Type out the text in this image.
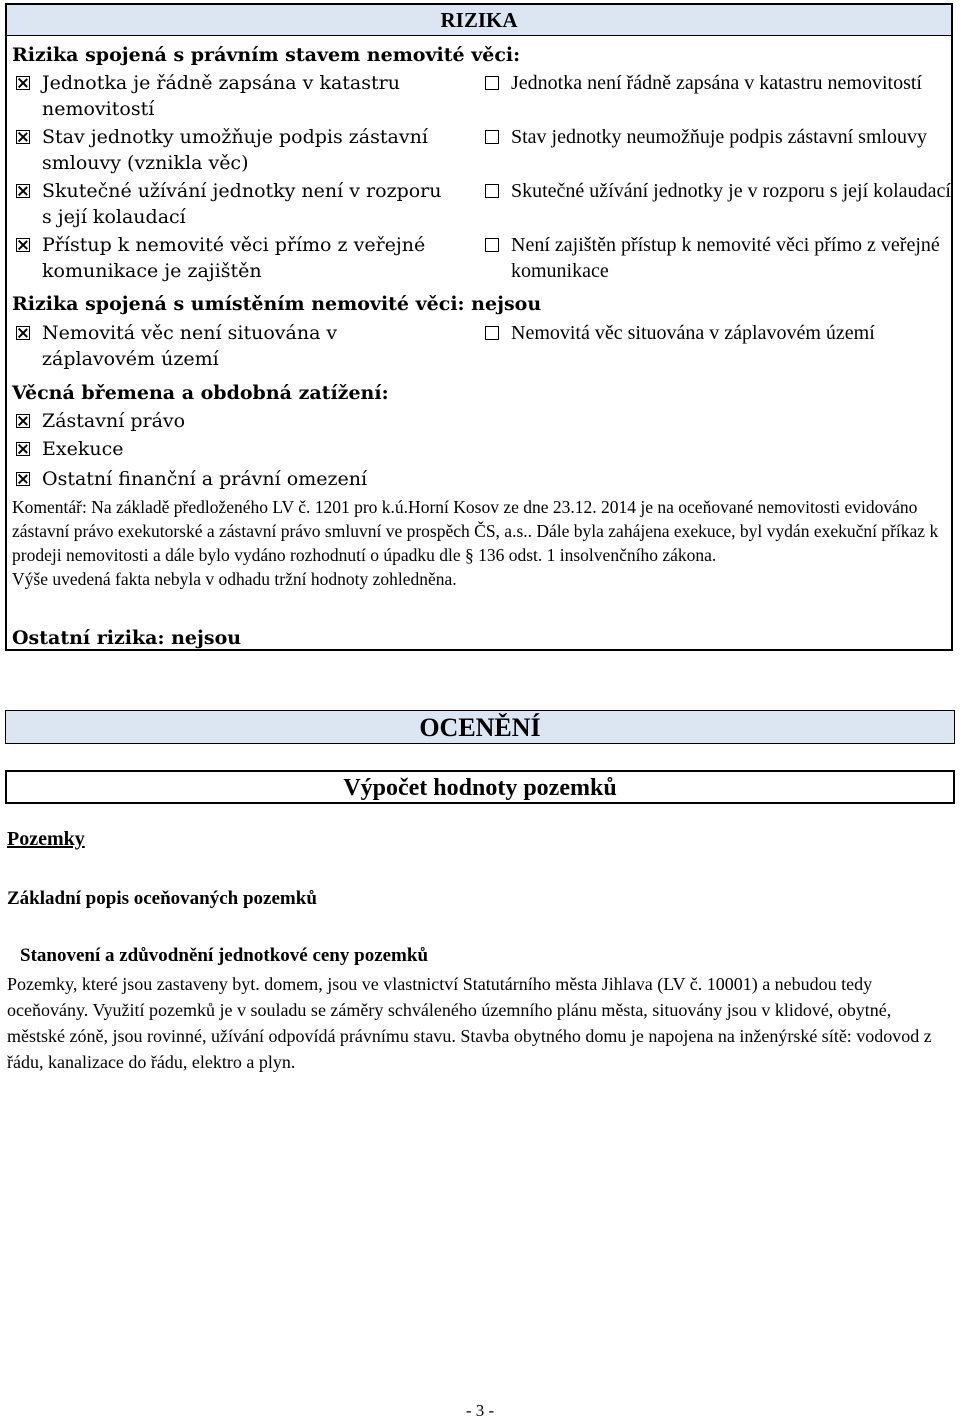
RIZIKA
Rizika spojená s právním stavem nemovité věci:
Jednotka je řádně zapsána v katastru nemovitostí
Jednotka není řádně zapsána v katastru nemovitostí
Stav jednotky umožňuje podpis zástavní smlouvy (vznikla věc)
Stav jednotky neumožňuje podpis zástavní smlouvy
Skutečné užívání jednotky není v rozporu s její kolaudací
Skutečné užívání jednotky je v rozporu s její kolaudací
Přístup k nemovité věci přímo z veřejné komunikace je zajištěn
Není zajištěn přístup k nemovité věci přímo z veřejné komunikace
Rizika spojená s umístěním nemovité věci: nejsou
Nemovitá věc není situována v záplavovém území
Nemovitá věc situována v záplavovém území
Věcná břemena a obdobná zatížení:
Zástavní právo
Exekuce
Ostatní finanční a právní omezení

Komentář: Na základě předloženého LV č. 1201 pro k.ú.Horní Kosov ze dne 23.12. 2014 je na oceňované nemovitosti evidováno zástavní právo exekutorské a zástavní právo smluvní ve prospěch ČS, a.s.. Dále byla zahájena exekuce, byl vydán exekuční příkaz k prodeji nemovitosti a dále bylo vydáno rozhodnutí o úpadku dle § 136 odst. 1 insolvenčního zákona.

Výše uvedená fakta nebyla v odhadu tržní hodnoty zohledněna.

Ostatní rizika: nejsou
OCENĚNÍ
Výpočet hodnoty pozemků
Pozemky
Základní popis oceňovaných pozemků
Stanovení a zdůvodnění jednotkové ceny pozemků
Pozemky, které jsou zastaveny byt. domem, jsou ve vlastnictví Statutárního města Jihlava (LV č. 10001) a nebudou tedy oceňovány. Využití pozemků je v souladu se záměry schváleného územního plánu města, situovány jsou v klidové, obytné, městské zóně, jsou rovinné, užívání odpovídá právnímu stavu. Stavba obytného domu je napojena na inženýrské sítě: vodovod z řádu, kanalizace do řádu, elektro a plyn.
- 3 -
